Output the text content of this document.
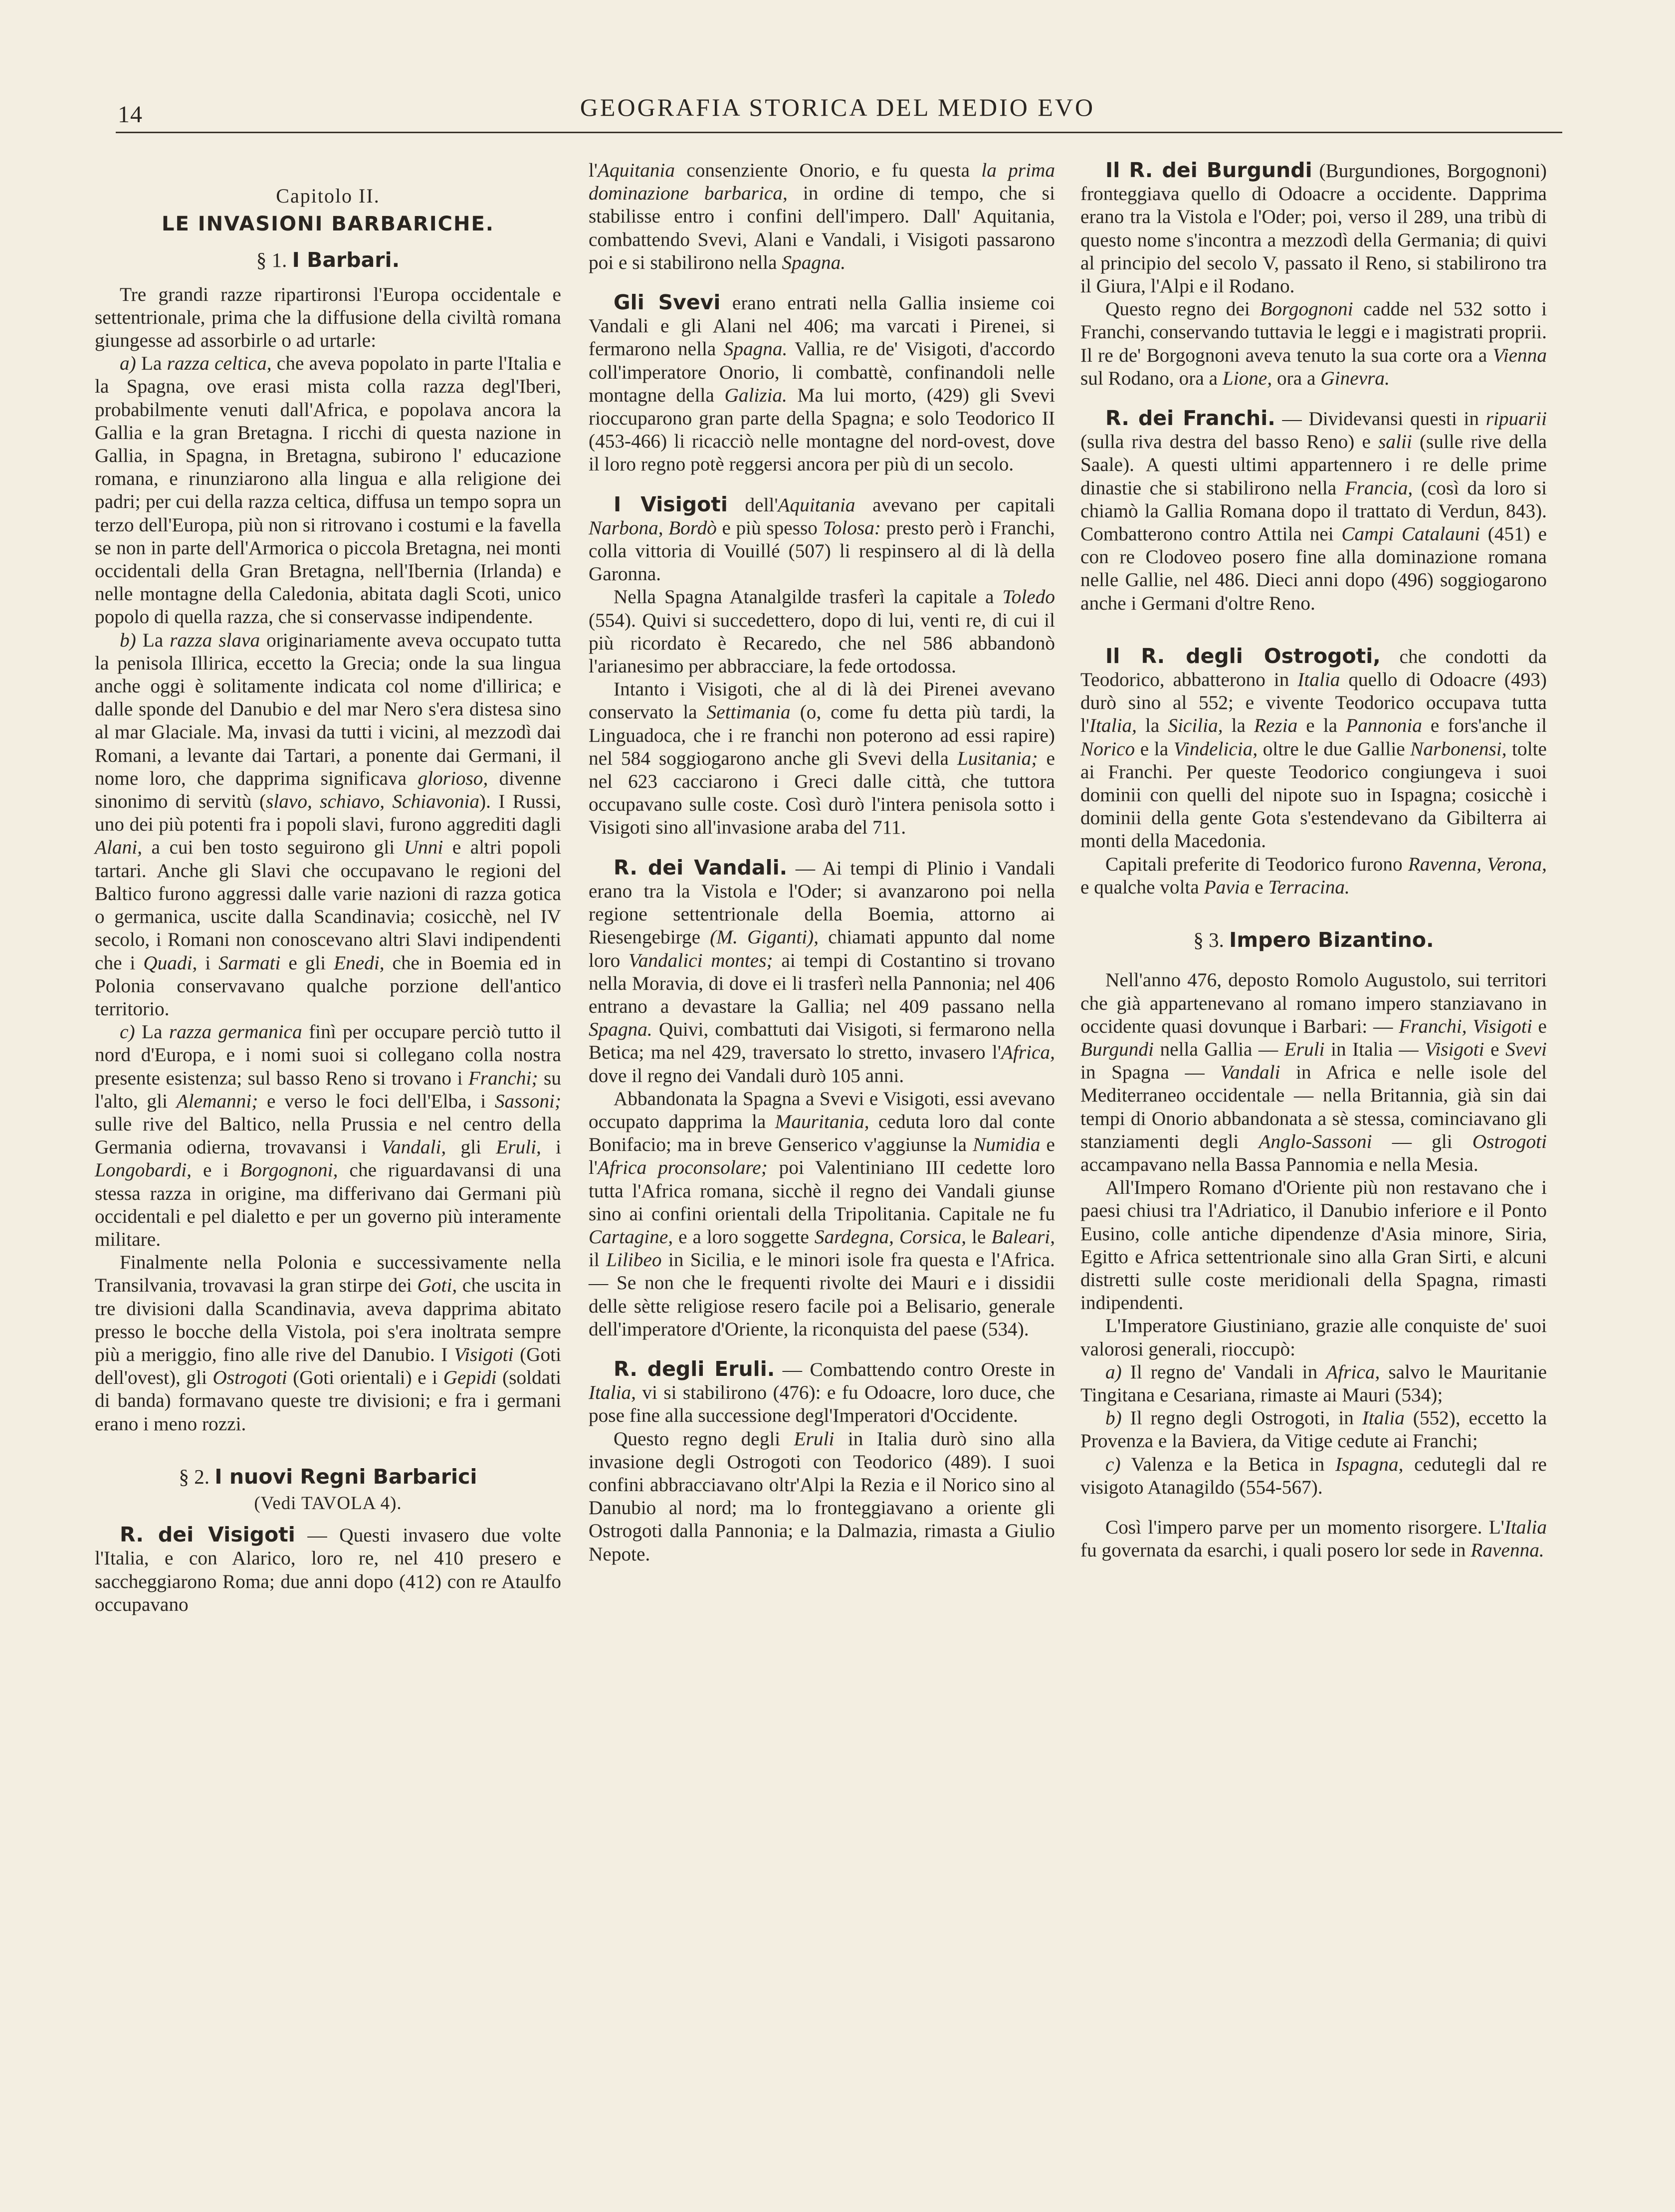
14	GEOGRAFIA STORICA DEL MEDIO EVO

Capitolo II.

LE INVASIONI BARBARICHE.

§ 1. I Barbari.

Tre grandi razze ripartironsi l'Europa occidentale e settentrionale, prima che la diffusione della civiltà romana giungesse ad assorbirle o ad urtarle:

a) La razza celtica, che aveva popolato in parte l'Italia e la Spagna, ove erasi mista colla razza degl'Iberi, probabilmente venuti dall'Africa, e popolava ancora la Gallia e la gran Bretagna. I ricchi di questa nazione in Gallia, in Spagna, in Bretagna, subirono l' educazione romana, e rinunziarono alla lingua e alla religione dei padri; per cui della razza celtica, diffusa un tempo sopra un terzo dell'Europa, più non si ritrovano i costumi e la favella se non in parte dell'Armorica o piccola Bretagna, nei monti occidentali della Gran Bretagna, nell'Ibernia (Irlanda) e nelle montagne della Caledonia, abitata dagli Scoti, unico popolo di quella razza, che si conservasse indipendente.

b) La razza slava originariamente aveva occupato tutta la penisola Illirica, eccetto la Grecia; onde la sua lingua anche oggi è solitamente indicata col nome d'illirica; e dalle sponde del Danubio e del mar Nero s'era distesa sino al mar Glaciale. Ma, invasi da tutti i vicini, al mezzodì dai Romani, a levante dai Tartari, a ponente dai Germani, il nome loro, che dapprima significava glorioso, divenne sinonimo di servitù (slavo, schiavo, Schiavonia). I Russi, uno dei più potenti fra i popoli slavi, furono aggrediti dagli Alani, a cui ben tosto seguirono gli Unni e altri popoli tartari. Anche gli Slavi che occupavano le regioni del Baltico furono aggressi dalle varie nazioni di razza gotica o germanica, uscite dalla Scandinavia; cosicchè, nel IV secolo, i Romani non conoscevano altri Slavi indipendenti che i Quadi, i Sarmati e gli Enedi, che in Boemia ed in Polonia conservavano qualche porzione dell'antico territorio.

c) La razza germanica finì per occupare perciò tutto il nord d'Europa, e i nomi suoi si collegano colla nostra presente esistenza; sul basso Reno si trovano i Franchi; su l'alto, gli Alemanni; e verso le foci dell'Elba, i Sassoni; sulle rive del Baltico, nella Prussia e nel centro della Germania odierna, trovavansi i Vandali, gli Eruli, i Longobardi, e i Borgognoni, che riguardavansi di una stessa razza in origine, ma differivano dai Germani più occidentali e pel dialetto e per un governo più interamente militare.

Finalmente nella Polonia e successivamente nella Transilvania, trovavasi la gran stirpe dei Goti, che uscita in tre divisioni dalla Scandinavia, aveva dapprima abitato presso le bocche della Vistola, poi s'era inoltrata sempre più a meriggio, fino alle rive del Danubio. I Visigoti (Goti dell'ovest), gli Ostrogoti (Goti orientali) e i Gepidi (soldati di banda) formavano queste tre divisioni; e fra i germani erano i meno rozzi.

§ 2. I nuovi Regni Barbarici

(Vedi TAVOLA 4).

R. dei Visigoti — Questi invasero due volte l'Italia, e con Alarico, loro re, nel 410 presero e saccheggiarono Roma; due anni dopo (412) con re Ataulfo occupavano

l'Aquitania consenziente Onorio, e fu questa la prima dominazione barbarica, in ordine di tempo, che si stabilisse entro i confini dell'impero. Dall' Aquitania, combattendo Svevi, Alani e Vandali, i Visigoti passarono poi e si stabilirono nella Spagna.

Gli Svevi erano entrati nella Gallia insieme coi Vandali e gli Alani nel 406; ma varcati i Pirenei, si fermarono nella Spagna. Vallia, re de' Visigoti, d'accordo coll'imperatore Onorio, li combattè, confinandoli nelle montagne della Galizia. Ma lui morto, (429) gli Svevi rioccuparono gran parte della Spagna; e solo Teodorico II (453-466) li ricacciò nelle montagne del nord-ovest, dove il loro regno potè reggersi ancora per più di un secolo.

I Visigoti dell'Aquitania avevano per capitali Narbona, Bordò e più spesso Tolosa: presto però i Franchi, colla vittoria di Vouillé (507) li respinsero al di là della Garonna.

Nella Spagna Atanalgilde trasferì la capitale a Toledo (554). Quivi si succedettero, dopo di lui, venti re, di cui il più ricordato è Recaredo, che nel 586 abbandonò l'arianesimo per abbracciare, la fede ortodossa.

Intanto i Visigoti, che al di là dei Pirenei avevano conservato la Settimania (o, come fu detta più tardi, la Linguadoca, che i re franchi non poterono ad essi rapire) nel 584 soggiogarono anche gli Svevi della Lusitania; e nel 623 cacciarono i Greci dalle città, che tuttora occupavano sulle coste. Così durò l'intera penisola sotto i Visigoti sino all'invasione araba del 711.

R. dei Vandali. — Ai tempi di Plinio i Vandali erano tra la Vistola e l'Oder; si avanzarono poi nella regione settentrionale della Boemia, attorno ai Riesengebirge (M. Giganti), chiamati appunto dal nome loro Vandalici montes; ai tempi di Costantino si trovano nella Moravia, di dove ei li trasferì nella Pannonia; nel 406 entrano a devastare la Gallia; nel 409 passano nella Spagna. Quivi, combattuti dai Visigoti, si fermarono nella Betica; ma nel 429, traversato lo stretto, invasero l'Africa, dove il regno dei Vandali durò 105 anni.

Abbandonata la Spagna a Svevi e Visigoti, essi avevano occupato dapprima la Mauritania, ceduta loro dal conte Bonifacio; ma in breve Genserico v'aggiunse la Numidia e l'Africa proconsolare; poi Valentiniano III cedette loro tutta l'Africa romana, sicchè il regno dei Vandali giunse sino ai confini orientali della Tripolitania. Capitale ne fu Cartagine, e a loro soggette Sardegna, Corsica, le Baleari, il Lilibeo in Sicilia, e le minori isole fra questa e l'Africa. — Se non che le frequenti rivolte dei Mauri e i dissidii delle sètte religiose resero facile poi a Belisario, generale dell'imperatore d'Oriente, la riconquista del paese (534).

R. degli Eruli. — Combattendo contro Oreste in Italia, vi si stabilirono (476): e fu Odoacre, loro duce, che pose fine alla successione degl'Imperatori d'Occidente.

Questo regno degli Eruli in Italia durò sino alla invasione degli Ostrogoti con Teodorico (489). I suoi confini abbracciavano oltr'Alpi la Rezia e il Norico sino al Danubio al nord; ma lo fronteggiavano a oriente gli Ostrogoti dalla Pannonia; e la Dalmazia, rimasta a Giulio Nepote.

Il R. dei Burgundi (Burgundiones, Borgognoni) fronteggiava quello di Odoacre a occidente. Dapprima erano tra la Vistola e l'Oder; poi, verso il 289, una tribù di questo nome s'incontra a mezzodì della Germania; di quivi al principio del secolo V, passato il Reno, si stabilirono tra il Giura, l'Alpi e il Rodano.

Questo regno dei Borgognoni cadde nel 532 sotto i Franchi, conservando tuttavia le leggi e i magistrati proprii. Il re de' Borgognoni aveva tenuto la sua corte ora a Vienna sul Rodano, ora a Lione, ora a Ginevra.

R. dei Franchi. — Dividevansi questi in ripuarii (sulla riva destra del basso Reno) e salii (sulle rive della Saale). A questi ultimi appartennero i re delle prime dinastie che si stabilirono nella Francia, (così da loro si chiamò la Gallia Romana dopo il trattato di Verdun, 843). Combatterono contro Attila nei Campi Catalauni (451) e con re Clodoveo posero fine alla dominazione romana nelle Gallie, nel 486. Dieci anni dopo (496) soggiogarono anche i Germani d'oltre Reno.

Il R. degli Ostrogoti, che condotti da Teodorico, abbatterono in Italia quello di Odoacre (493) durò sino al 552; e vivente Teodorico occupava tutta l'Italia, la Sicilia, la Rezia e la Pannonia e fors'anche il Norico e la Vindelicia, oltre le due Gallie Narbonensi, tolte ai Franchi. Per queste Teodorico congiungeva i suoi dominii con quelli del nipote suo in Ispagna; cosicchè i dominii della gente Gota s'estendevano da Gibilterra ai monti della Macedonia.

Capitali preferite di Teodorico furono Ravenna, Verona, e qualche volta Pavia e Terracina.

§ 3. Impero Bizantino.

Nell'anno 476, deposto Romolo Augustolo, sui territori che già appartenevano al romano impero stanziavano in occidente quasi dovunque i Barbari: — Franchi, Visigoti e Burgundi nella Gallia — Eruli in Italia — Visigoti e Svevi in Spagna — Vandali in Africa e nelle isole del Mediterraneo occidentale — nella Britannia, già sin dai tempi di Onorio abbandonata a sè stessa, cominciavano gli stanziamenti degli Anglo-Sassoni — gli Ostrogoti accampavano nella Bassa Pannomia e nella Mesia.

All'Impero Romano d'Oriente più non restavano che i paesi chiusi tra l'Adriatico, il Danubio inferiore e il Ponto Eusino, colle antiche dipendenze d'Asia minore, Siria, Egitto e Africa settentrionale sino alla Gran Sirti, e alcuni distretti sulle coste meridionali della Spagna, rimasti indipendenti.

L'Imperatore Giustiniano, grazie alle conquiste de' suoi valorosi generali, rioccupò:

a) Il regno de' Vandali in Africa, salvo le Mauritanie Tingitana e Cesariana, rimaste ai Mauri (534);

b) Il regno degli Ostrogoti, in Italia (552), eccetto la Provenza e la Baviera, da Vitige cedute ai Franchi;

c) Valenza e la Betica in Ispagna, cedutegli dal re visigoto Atanagildo (554-567).

Così l'impero parve per un momento risorgere. L'Italia fu governata da esarchi, i quali posero lor sede in Ravenna.
